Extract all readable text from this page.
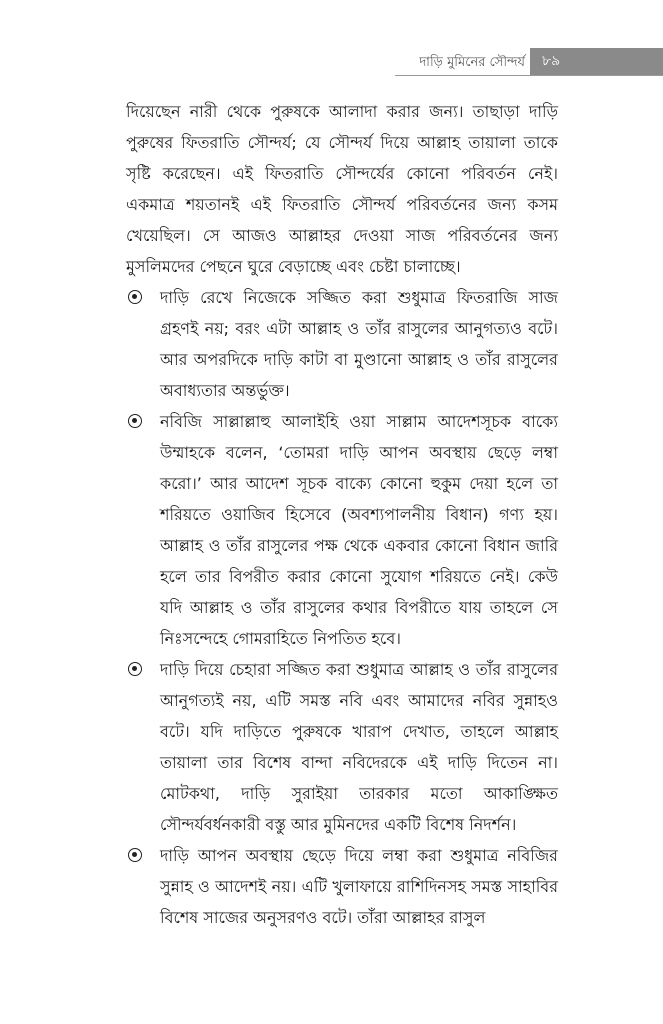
দাড়ি মুমিনের সৌন্দর্য	৮৯

দিয়েছেন নারী থেকে পুরুষকে আলাদা করার জন্য। তাছাড়া দাড়ি পুরুষের ফিতরাতি সৌন্দর্য; যে সৌন্দর্য দিয়ে আল্লাহ তায়ালা তাকে সৃষ্টি করেছেন। এই ফিতরাতি সৌন্দর্যের কোনো পরিবর্তন নেই। একমাত্র শয়তানই এই ফিতরাতি সৌন্দর্য পরিবর্তনের জন্য কসম খেয়েছিল। সে আজও আল্লাহর দেওয়া সাজ পরিবর্তনের জন্য মুসলিমদের পেছনে ঘুরে বেড়াচ্ছে এবং চেষ্টা চালাচ্ছে।

দাড়ি রেখে নিজেকে সজ্জিত করা শুধুমাত্র ফিতরাজি সাজ গ্রহণই নয়; বরং এটা আল্লাহ ও তাঁর রাসুলের আনুগত্যও বটে। আর অপরদিকে দাড়ি কাটা বা মুণ্ডানো আল্লাহ ও তাঁর রাসুলের অবাধ্যতার অন্তর্ভুক্ত।
নবিজি সাল্লাল্লাহু আলাইহি ওয়া সাল্লাম আদেশসূচক বাক্যে উম্মাহকে বলেন, ‘তোমরা দাড়ি আপন অবস্থায় ছেড়ে লম্বা করো।’ আর আদেশ সূচক বাক্যে কোনো হুকুম দেয়া হলে তা শরিয়তে ওয়াজিব হিসেবে (অবশ্যপালনীয় বিধান) গণ্য হয়। আল্লাহ ও তাঁর রাসুলের পক্ষ থেকে একবার কোনো বিধান জারি হলে তার বিপরীত করার কোনো সুযোগ শরিয়তে নেই। কেউ যদি আল্লাহ ও তাঁর রাসুলের কথার বিপরীতে যায় তাহলে সে নিঃসন্দেহে গোমরাহিতে নিপতিত হবে।
দাড়ি দিয়ে চেহারা সজ্জিত করা শুধুমাত্র আল্লাহ ও তাঁর রাসুলের আনুগত্যই নয়, এটি সমস্ত নবি এবং আমাদের নবির সুন্নাহও বটে। যদি দাড়িতে পুরুষকে খারাপ দেখাত, তাহলে আল্লাহ তায়ালা তার বিশেষ বান্দা নবিদেরকে এই দাড়ি দিতেন না। মোটকথা, দাড়ি সুরাইয়া তারকার মতো আকাঙ্ক্ষিত সৌন্দর্যবর্ধনকারী বস্তু আর মুমিনদের একটি বিশেষ নিদর্শন।
দাড়ি আপন অবস্থায় ছেড়ে দিয়ে লম্বা করা শুধুমাত্র নবিজির সুন্নাহ ও আদেশই নয়। এটি খুলাফায়ে রাশিদিনসহ সমস্ত সাহাবির বিশেষ সাজের অনুসরণও বটে। তাঁরা আল্লাহর রাসুল
